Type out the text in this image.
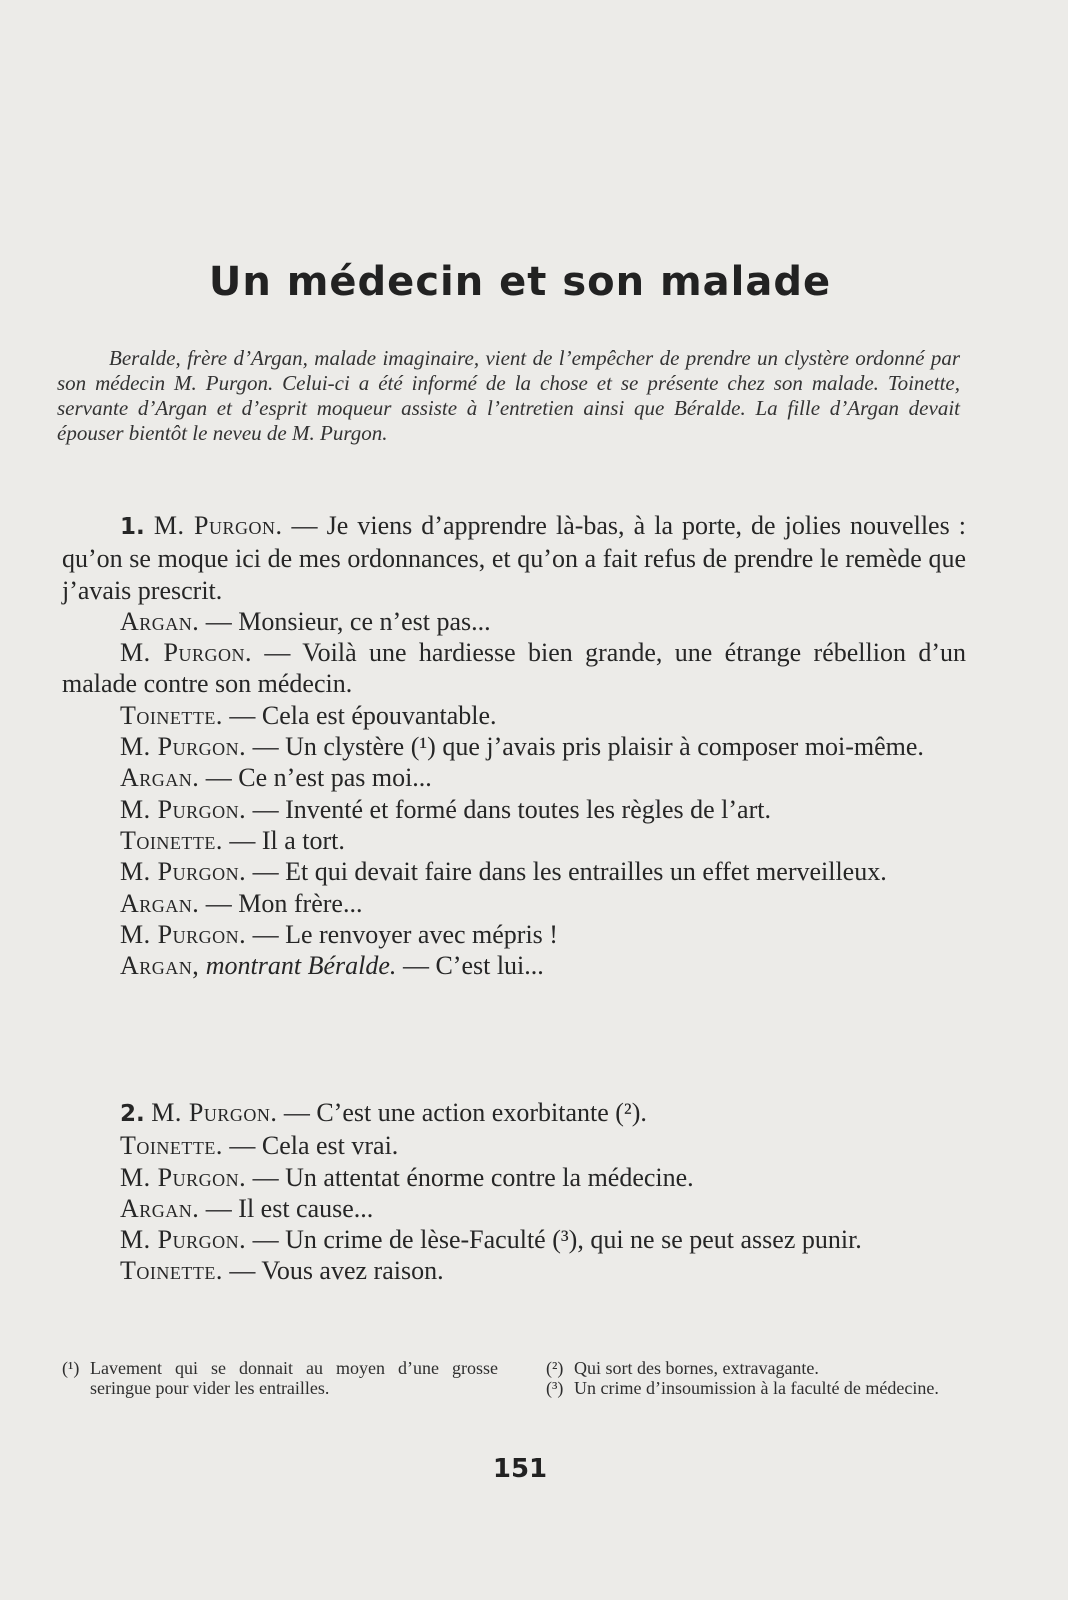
Un médecin et son malade

Beralde, frère d’Argan, malade imaginaire, vient de l’empêcher de prendre un clystère ordonné par son médecin M. Purgon. Celui-ci a été informé de la chose et se présente chez son malade. Toinette, servante d’Argan et d’esprit moqueur assiste à l’entretien ainsi que Béralde. La fille d’Argan devait épouser bientôt le neveu de M. Purgon.

1. M. Purgon. — Je viens d’apprendre là-bas, à la porte, de jolies nouvelles : qu’on se moque ici de mes ordonnances, et qu’on a fait refus de prendre le remède que j’avais prescrit.

Argan. — Monsieur, ce n’est pas...

M. Purgon. — Voilà une hardiesse bien grande, une étrange rébellion d’un malade contre son médecin.

Toinette. — Cela est épouvantable.

M. Purgon. — Un clystère (¹) que j’avais pris plaisir à composer moi-même.

Argan. — Ce n’est pas moi...

M. Purgon. — Inventé et formé dans toutes les règles de l’art.

Toinette. — Il a tort.

M. Purgon. — Et qui devait faire dans les entrailles un effet merveilleux.

Argan. — Mon frère...

M. Purgon. — Le renvoyer avec mépris !

Argan, montrant Béralde. — C’est lui...

2. M. Purgon. — C’est une action exorbitante (²).

Toinette. — Cela est vrai.

M. Purgon. — Un attentat énorme contre la médecine.

Argan. — Il est cause...

M. Purgon. — Un crime de lèse-Faculté (³), qui ne se peut assez punir.

Toinette. — Vous avez raison.

(¹) Lavement qui se donnait au moyen d’une grosse seringue pour vider les entrailles.

(²) Qui sort des bornes, extravagante.

(³) Un crime d’insoumission à la faculté de médecine.

151
